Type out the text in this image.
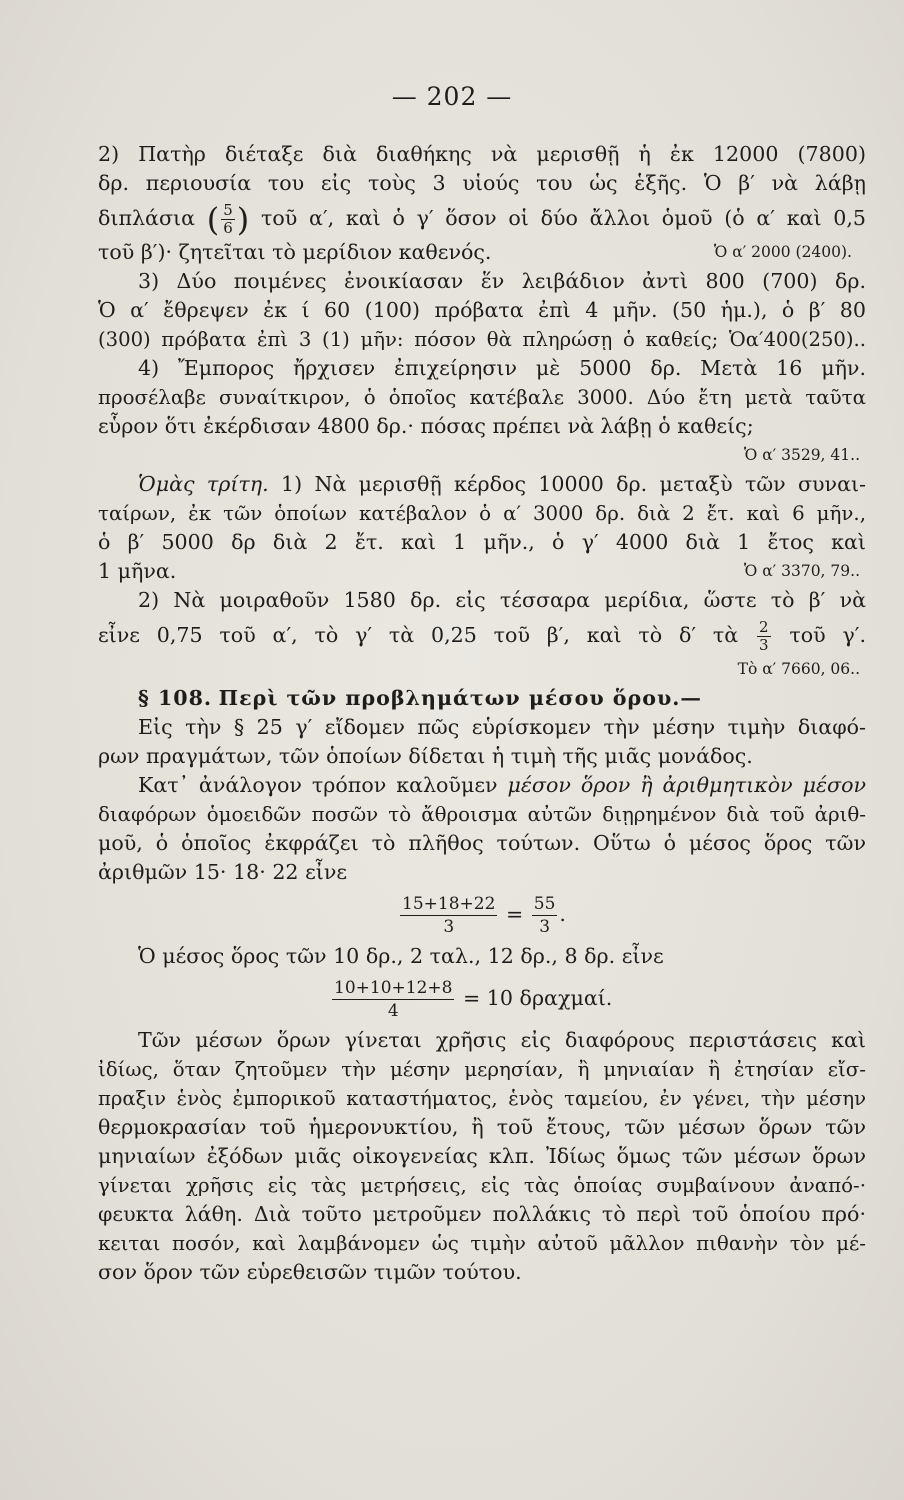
— 202 —
2) Πατὴρ διέταξε διὰ διαθήκης νὰ μερισθῇ ἡ ἐκ 12000 (7800)
δρ. περιουσία του εἰς τοὺς 3 υἱούς του ὡς ἑξῆς. Ὁ β′ νὰ λάβῃ
διπλάσια ( $\frac{5}{6}$ ) τοῦ α′, καὶ ὁ γ′ ὅσον οἱ δύο ἄλλοι ὁμοῦ (ὁ α′ καὶ 0,5
τοῦ β′)· ζητεῖται τὸ μερίδιον καθενός.	Ὁ α′ 2000 (2400).
3) Δύο ποιμένες ἐνοικίασαν ἕν λειβάδιον ἀντὶ 800 (700) δρ.
Ὁ α′ ἔθρεψεν ἐκ ί 60 (100) πρόβατα ἐπὶ 4 μῆν. (50 ἡμ.), ὁ β′ 80
(300) πρόβατα ἐπὶ 3 (1) μῆν: πόσον θὰ πληρώσῃ ὁ καθείς; Ὁα′400(250)..
4) Ἔμπορος ἤρχισεν ἐπιχείρησιν μὲ 5000 δρ. Μετὰ 16 μῆν.
προσέλαβε συναίτκιρον, ὁ ὁποῖος κατέβαλε 3000. Δύο ἔτη μετὰ ταῦτα
εὗρον ὅτι ἐκέρδισαν 4800 δρ.· πόσας πρέπει νὰ λάβῃ ὁ καθείς;
Ὁ α′ 3529, 41..
Ὁμὰς τρίτη. 1) Νὰ μερισθῇ κέρδος 10000 δρ. μεταξὺ τῶν συναι-
ταίρων, ἐκ τῶν ὁποίων κατέβαλον ὁ α′ 3000 δρ. διὰ 2 ἔτ. καὶ 6 μῆν.,
ὁ β′ 5000 δρ διὰ 2 ἔτ. καὶ 1 μῆν., ὁ γ′ 4000 διὰ 1 ἔτος καὶ
1 μῆνα.	Ὁ α′ 3370, 79..
2) Νὰ μοιραθοῦν 1580 δρ. εἰς τέσσαρα μερίδια, ὥστε τὸ β′ νὰ
εἶνε 0,75 τοῦ α′, τὸ γ′ τὰ 0,25 τοῦ β′, καὶ τὸ δ′ τὰ $\frac{2}{3}$ τοῦ γ′.
Τὸ α′ 7660, 06..
§ 108. Περὶ τῶν προβλημάτων μέσου ὅρου.—
Εἰς τὴν § 25 γ′ εἴδομεν πῶς εὑρίσκομεν τὴν μέσην τιμὴν διαφό-
ρων πραγμάτων, τῶν ὁποίων δίδεται ἡ τιμὴ τῆς μιᾶς μονάδος.
Κατ᾽ ἀνάλογον τρόπον καλοῦμεν μέσον ὅρον ἢ ἀριθμητικὸν μέσον
διαφόρων ὁμοειδῶν ποσῶν τὸ ἄθροισμα αὐτῶν διῃρημένον διὰ τοῦ ἀριθ-
μοῦ, ὁ ὁποῖος ἐκφράζει τὸ πλῆθος τούτων. Οὕτω ὁ μέσος ὅρος τῶν
ἀριθμῶν 15· 18· 22 εἶνε
$\frac{15+18+22}{3} = \frac{55}{3}$ .
Ὁ μέσος ὅρος τῶν 10 δρ., 2 ταλ., 12 δρ., 8 δρ. εἶνε
$\frac{10+10+12+8}{4} = 10$ δραχμαί.
Τῶν μέσων ὅρων γίνεται χρῆσις εἰς διαφόρους περιστάσεις καὶ
ἰδίως, ὅταν ζητοῦμεν τὴν μέσην μερησίαν, ἢ μηνιαίαν ἢ ἐτησίαν εἴσ-
πραξιν ἑνὸς ἐμπορικοῦ καταστήματος, ἑνὸς ταμείου, ἐν γένει, τὴν μέσην
θερμοκρασίαν τοῦ ἡμερονυκτίου, ἢ τοῦ ἔτους, τῶν μέσων ὅρων τῶν
μηνιαίων ἐξόδων μιᾶς οἰκογενείας κλπ. Ἰδίως ὅμως τῶν μέσων ὅρων
γίνεται χρῆσις εἰς τὰς μετρήσεις, εἰς τὰς ὁποίας συμβαίνουν ἀναπό-·
φευκτα λάθη. Διὰ τοῦτο μετροῦμεν πολλάκις τὸ περὶ τοῦ ὁποίου πρό·
κειται ποσόν, καὶ λαμβάνομεν ὡς τιμὴν αὐτοῦ μᾶλλον πιθανὴν τὸν μέ-
σον ὅρον τῶν εὑρεθεισῶν τιμῶν τούτου.
